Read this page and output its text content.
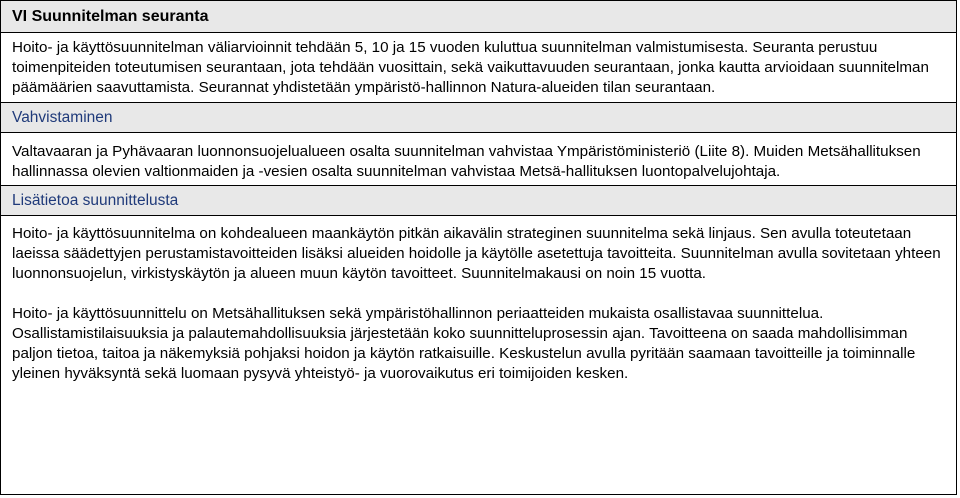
VI Suunnitelman seuranta

Hoito- ja käyttösuunnitelman väliarvioinnit tehdään 5, 10 ja 15 vuoden kuluttua suunnitelman valmistumisesta. Seuranta perustuu toimenpiteiden toteutumisen seurantaan, jota tehdään vuosittain, sekä vaikuttavuuden seurantaan, jonka kautta arvioidaan suunnitelman päämäärien saavuttamista. Seurannat yhdistetään ympäristö-hallinnon Natura-alueiden tilan seurantaan.

Vahvistaminen

Valtavaaran ja Pyhävaaran luonnonsuojelualueen osalta suunnitelman vahvistaa Ympäristöministeriö (Liite 8). Muiden Metsähallituksen hallinnassa olevien valtionmaiden ja -vesien osalta suunnitelman vahvistaa Metsä-hallituksen luontopalvelujohtaja.

Lisätietoa suunnittelusta

Hoito- ja käyttösuunnitelma on kohdealueen maankäytön pitkän aikavälin strateginen suunnitelma sekä linjaus. Sen avulla toteutetaan laeissa säädettyjen perustamistavoitteiden lisäksi alueiden hoidolle ja käytölle asetettuja tavoitteita. Suunnitelman avulla sovitetaan yhteen luonnonsuojelun, virkistyskäytön ja alueen muun käytön tavoitteet. Suunnitelmakausi on noin 15 vuotta.

Hoito- ja käyttösuunnittelu on Metsähallituksen sekä ympäristöhallinnon periaatteiden mukaista osallistavaa suunnittelua. Osallistamistilaisuuksia ja palautemahdollisuuksia järjestetään koko suunnitteluprosessin ajan. Tavoitteena on saada mahdollisimman paljon tietoa, taitoa ja näkemyksiä pohjaksi hoidon ja käytön ratkaisuille. Keskustelun avulla pyritään saamaan tavoitteille ja toiminnalle yleinen hyväksyntä sekä luomaan pysyvä yhteistyö- ja vuorovaikutus eri toimijoiden kesken.
